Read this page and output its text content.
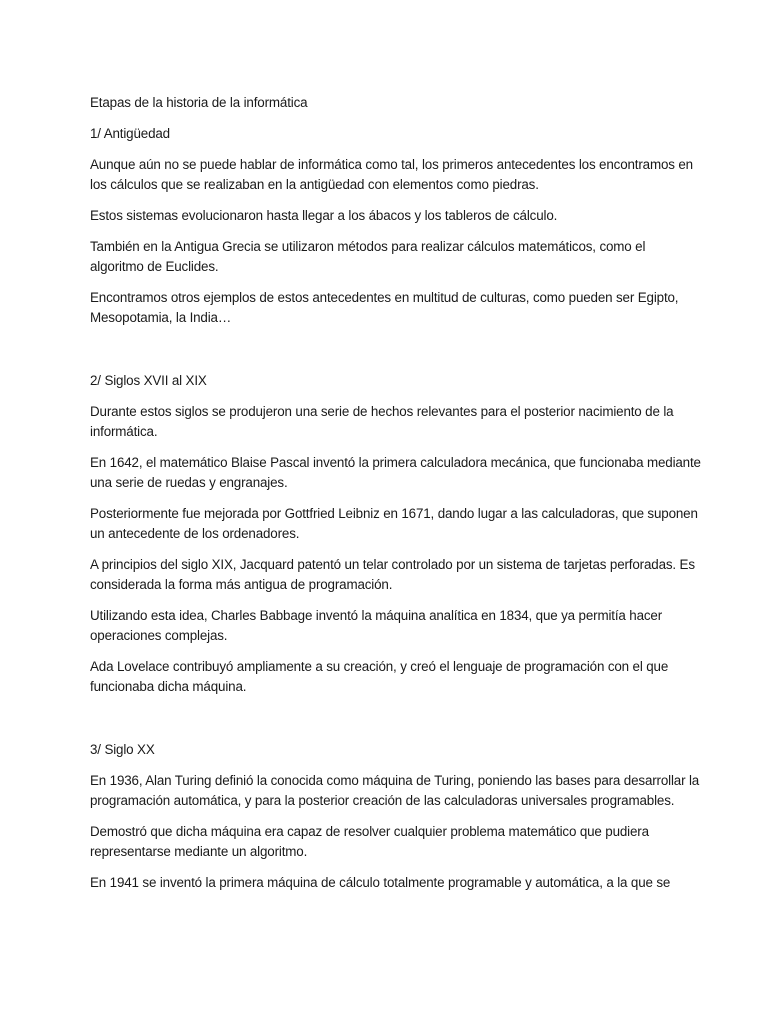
Etapas de la historia de la informática

1/ Antigüedad

Aunque aún no se puede hablar de informática como tal, los primeros antecedentes los encontramos en

los cálculos que se realizaban en la antigüedad con elementos como piedras.

Estos sistemas evolucionaron hasta llegar a los ábacos y los tableros de cálculo.

También en la Antigua Grecia se utilizaron métodos para realizar cálculos matemáticos, como el

algoritmo de Euclides.

Encontramos otros ejemplos de estos antecedentes en multitud de culturas, como pueden ser Egipto,

Mesopotamia, la India…

2/ Siglos XVII al XIX

Durante estos siglos se produjeron una serie de hechos relevantes para el posterior nacimiento de la

informática.

En 1642, el matemático Blaise Pascal inventó la primera calculadora mecánica, que funcionaba mediante

una serie de ruedas y engranajes.

Posteriormente fue mejorada por Gottfried Leibniz en 1671, dando lugar a las calculadoras, que suponen

un antecedente de los ordenadores.

A principios del siglo XIX, Jacquard patentó un telar controlado por un sistema de tarjetas perforadas. Es

considerada la forma más antigua de programación.

Utilizando esta idea, Charles Babbage inventó la máquina analítica en 1834, que ya permitía hacer

operaciones complejas.

Ada Lovelace contribuyó ampliamente a su creación, y creó el lenguaje de programación con el que

funcionaba dicha máquina.

3/ Siglo XX

En 1936, Alan Turing definió la conocida como máquina de Turing, poniendo las bases para desarrollar la

programación automática, y para la posterior creación de las calculadoras universales programables.

Demostró que dicha máquina era capaz de resolver cualquier problema matemático que pudiera

representarse mediante un algoritmo.

En 1941 se inventó la primera máquina de cálculo totalmente programable y automática, a la que se
